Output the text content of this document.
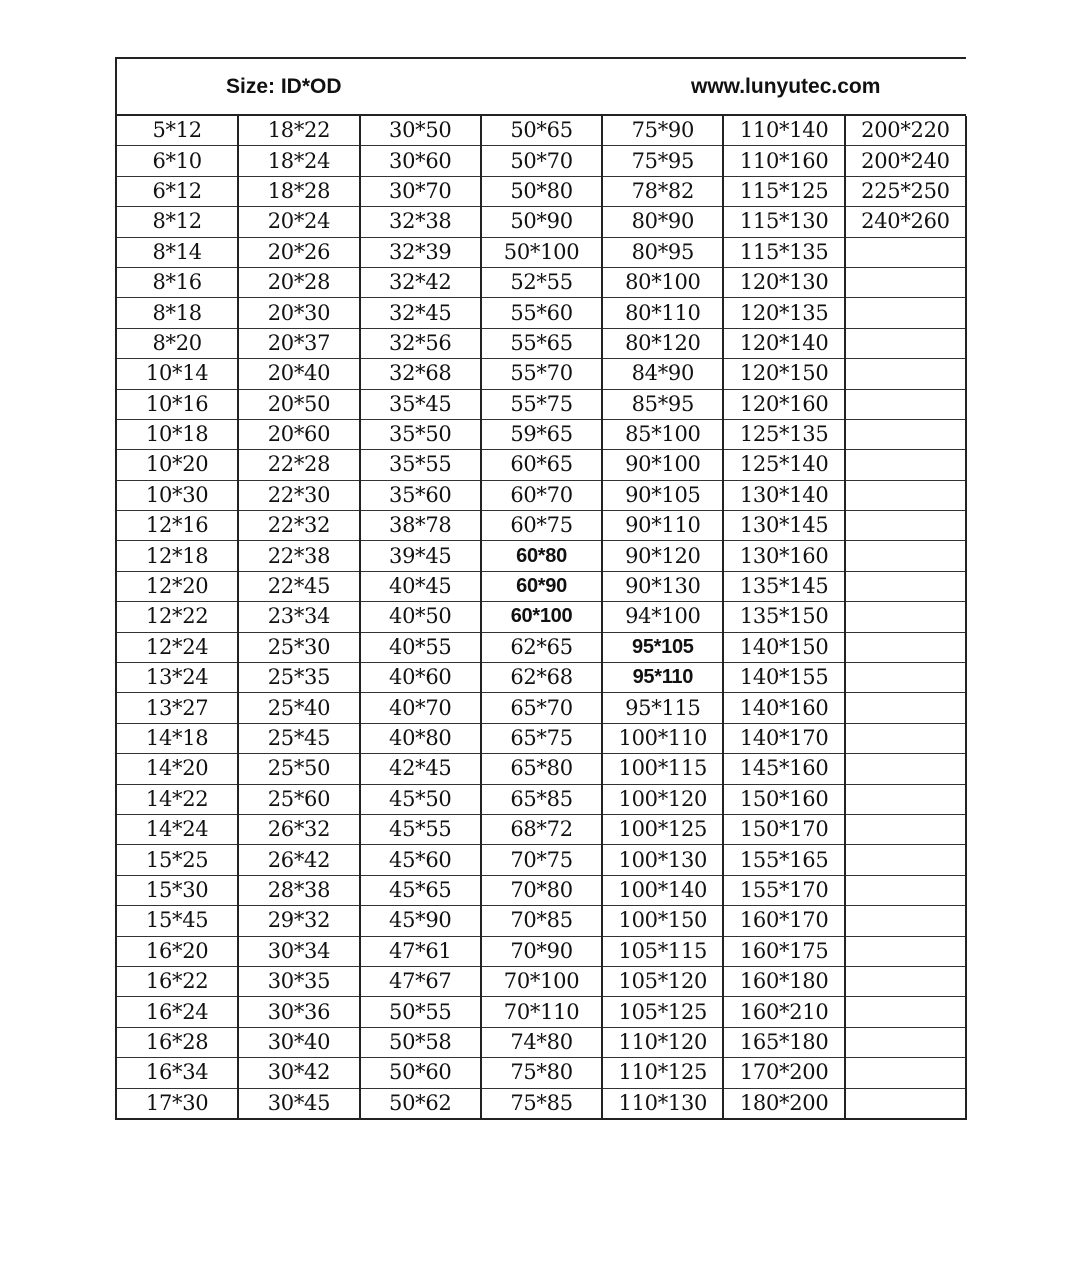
Size: ID*OD	www.lunyutec.com
5*12	18*22	30*50	50*65	75*90	110*140	200*220
6*10	18*24	30*60	50*70	75*95	110*160	200*240
6*12	18*28	30*70	50*80	78*82	115*125	225*250
8*12	20*24	32*38	50*90	80*90	115*130	240*260
8*14	20*26	32*39	50*100	80*95	115*135	
8*16	20*28	32*42	52*55	80*100	120*130	
8*18	20*30	32*45	55*60	80*110	120*135	
8*20	20*37	32*56	55*65	80*120	120*140	
10*14	20*40	32*68	55*70	84*90	120*150	
10*16	20*50	35*45	55*75	85*95	120*160	
10*18	20*60	35*50	59*65	85*100	125*135	
10*20	22*28	35*55	60*65	90*100	125*140	
10*30	22*30	35*60	60*70	90*105	130*140	
12*16	22*32	38*78	60*75	90*110	130*145	
12*18	22*38	39*45	60*80	90*120	130*160	
12*20	22*45	40*45	60*90	90*130	135*145	
12*22	23*34	40*50	60*100	94*100	135*150	
12*24	25*30	40*55	62*65	95*105	140*150	
13*24	25*35	40*60	62*68	95*110	140*155	
13*27	25*40	40*70	65*70	95*115	140*160	
14*18	25*45	40*80	65*75	100*110	140*170	
14*20	25*50	42*45	65*80	100*115	145*160	
14*22	25*60	45*50	65*85	100*120	150*160	
14*24	26*32	45*55	68*72	100*125	150*170	
15*25	26*42	45*60	70*75	100*130	155*165	
15*30	28*38	45*65	70*80	100*140	155*170	
15*45	29*32	45*90	70*85	100*150	160*170	
16*20	30*34	47*61	70*90	105*115	160*175	
16*22	30*35	47*67	70*100	105*120	160*180	
16*24	30*36	50*55	70*110	105*125	160*210	
16*28	30*40	50*58	74*80	110*120	165*180	
16*34	30*42	50*60	75*80	110*125	170*200	
17*30	30*45	50*62	75*85	110*130	180*200	
